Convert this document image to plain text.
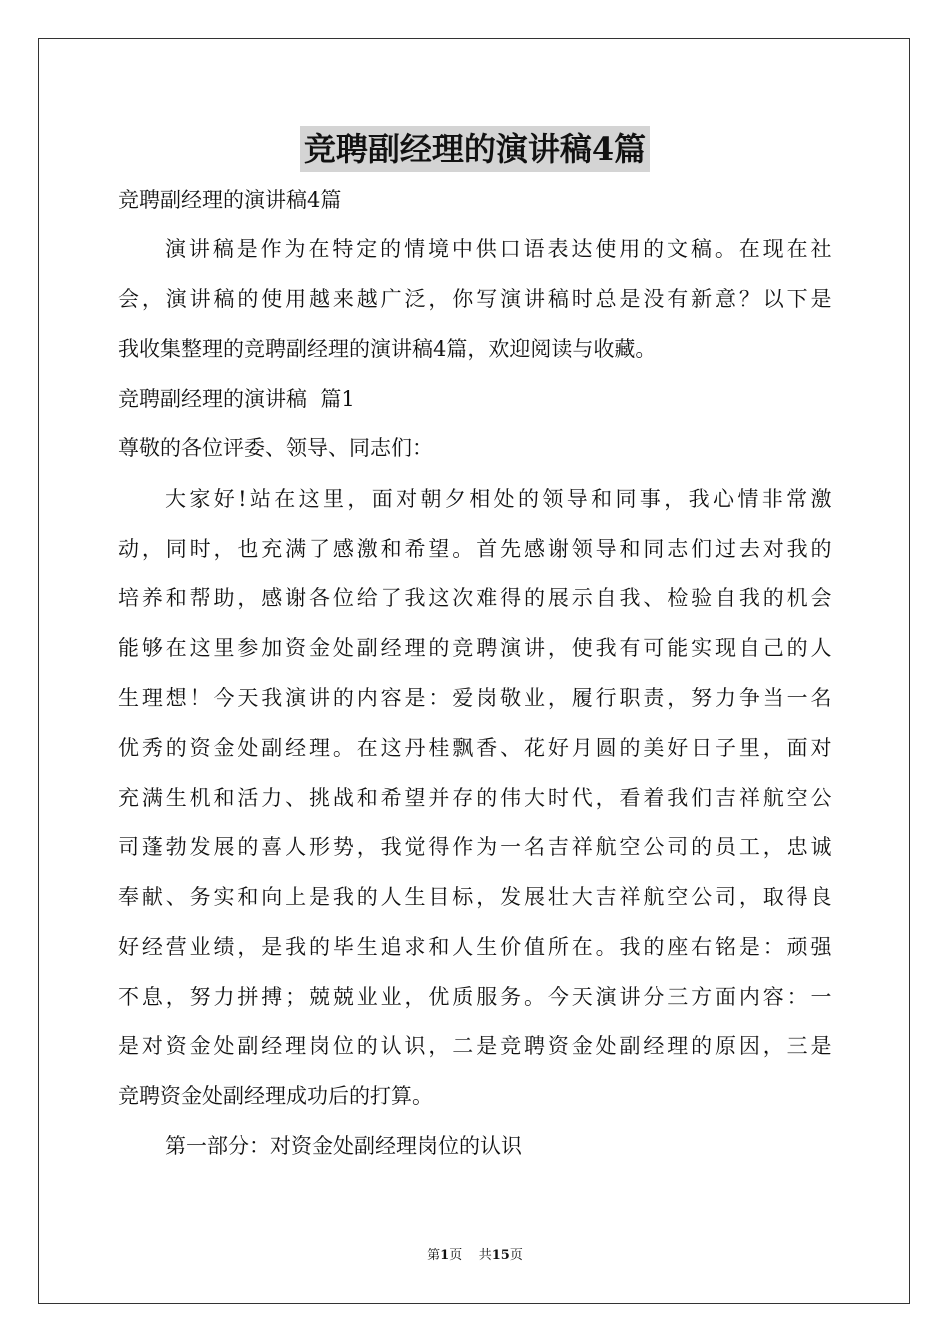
竞聘副经理的演讲稿4篇
竞聘副经理的演讲稿4篇
演讲稿是作为在特定的情境中供口语表达使用的文稿。在现在社
会，演讲稿的使用越来越广泛，你写演讲稿时总是没有新意？以下是
我收集整理的竞聘副经理的演讲稿4篇，欢迎阅读与收藏。
竞聘副经理的演讲稿  篇1
尊敬的各位评委、领导、同志们：
大家好!站在这里，面对朝夕相处的领导和同事，我心情非常激
动，同时，也充满了感激和希望。首先感谢领导和同志们过去对我的
培养和帮助，感谢各位给了我这次难得的展示自我、检验自我的机会
能够在这里参加资金处副经理的竞聘演讲，使我有可能实现自己的人
生理想！今天我演讲的内容是：爱岗敬业，履行职责，努力争当一名
优秀的资金处副经理。在这丹桂飘香、花好月圆的美好日子里，面对
充满生机和活力、挑战和希望并存的伟大时代，看着我们吉祥航空公
司蓬勃发展的喜人形势，我觉得作为一名吉祥航空公司的员工，忠诚
奉献、务实和向上是我的人生目标，发展壮大吉祥航空公司，取得良
好经营业绩，是我的毕生追求和人生价值所在。我的座右铭是：顽强
不息，努力拼搏；兢兢业业，优质服务。今天演讲分三方面内容：一
是对资金处副经理岗位的认识，二是竞聘资金处副经理的原因，三是
竞聘资金处副经理成功后的打算。
第一部分：对资金处副经理岗位的认识
第1页    共15页
